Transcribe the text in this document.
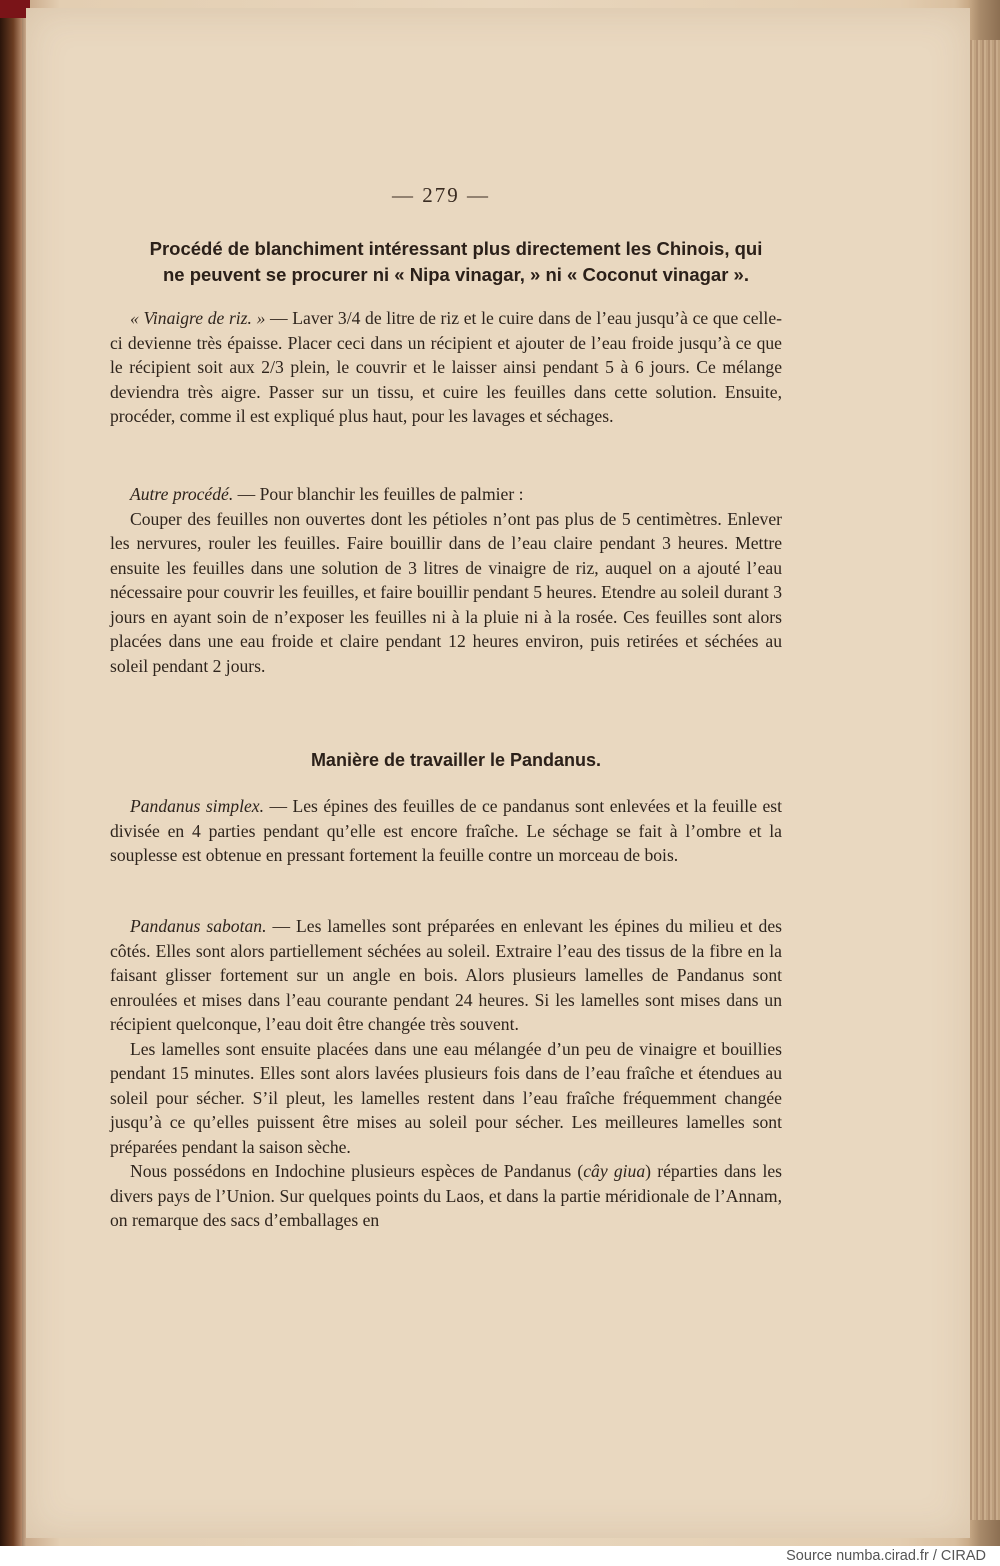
— 279 —
Procédé de blanchiment intéressant plus directement les Chinois, qui
ne peuvent se procurer ni « Nipa vinagar, » ni « Coconut vinagar ».

« Vinaigre de riz. » — Laver 3/4 de litre de riz et le cuire dans de l’eau jusqu’à ce que celle-ci devienne très épaisse. Placer ceci dans un récipient et ajouter de l’eau froide jusqu’à ce que le récipient soit aux 2/3 plein, le couvrir et le laisser ainsi pendant 5 à 6 jours. Ce mélange deviendra très aigre. Passer sur un tissu, et cuire les feuilles dans cette solution. Ensuite, procéder, comme il est expliqué plus haut, pour les lavages et séchages.

Autre procédé. — Pour blanchir les feuilles de palmier :

Couper des feuilles non ouvertes dont les pétioles n’ont pas plus de 5 centimètres. Enlever les nervures, rouler les feuilles. Faire bouillir dans de l’eau claire pendant 3 heures. Mettre ensuite les feuilles dans une solution de 3 litres de vinaigre de riz, auquel on a ajouté l’eau nécessaire pour couvrir les feuilles, et faire bouillir pendant 5 heures. Etendre au soleil durant 3 jours en ayant soin de n’exposer les feuilles ni à la pluie ni à la rosée. Ces feuilles sont alors placées dans une eau froide et claire pendant 12 heures environ, puis retirées et séchées au soleil pendant 2 jours.

Manière de travailler le Pandanus.

Pandanus simplex. — Les épines des feuilles de ce pandanus sont enlevées et la feuille est divisée en 4 parties pendant qu’elle est encore fraîche. Le séchage se fait à l’ombre et la souplesse est obtenue en pressant fortement la feuille contre un morceau de bois.

Pandanus sabotan. — Les lamelles sont préparées en enlevant les épines du milieu et des côtés. Elles sont alors partiellement séchées au soleil. Extraire l’eau des tissus de la fibre en la faisant glisser fortement sur un angle en bois. Alors plusieurs lamelles de Pandanus sont enroulées et mises dans l’eau courante pendant 24 heures. Si les lamelles sont mises dans un récipient quelconque, l’eau doit être changée très souvent.

Les lamelles sont ensuite placées dans une eau mélangée d’un peu de vinaigre et bouillies pendant 15 minutes. Elles sont alors lavées plusieurs fois dans de l’eau fraîche et étendues au soleil pour sécher. S’il pleut, les lamelles restent dans l’eau fraîche fréquemment changée jusqu’à ce qu’elles puissent être mises au soleil pour sécher. Les meilleures lamelles sont préparées pendant la saison sèche.

Nous possédons en Indochine plusieurs espèces de Pandanus (cây giua) réparties dans les divers pays de l’Union. Sur quelques points du Laos, et dans la partie méridionale de l’Annam, on remarque des sacs d’emballages en

Source numba.cirad.fr / CIRAD
